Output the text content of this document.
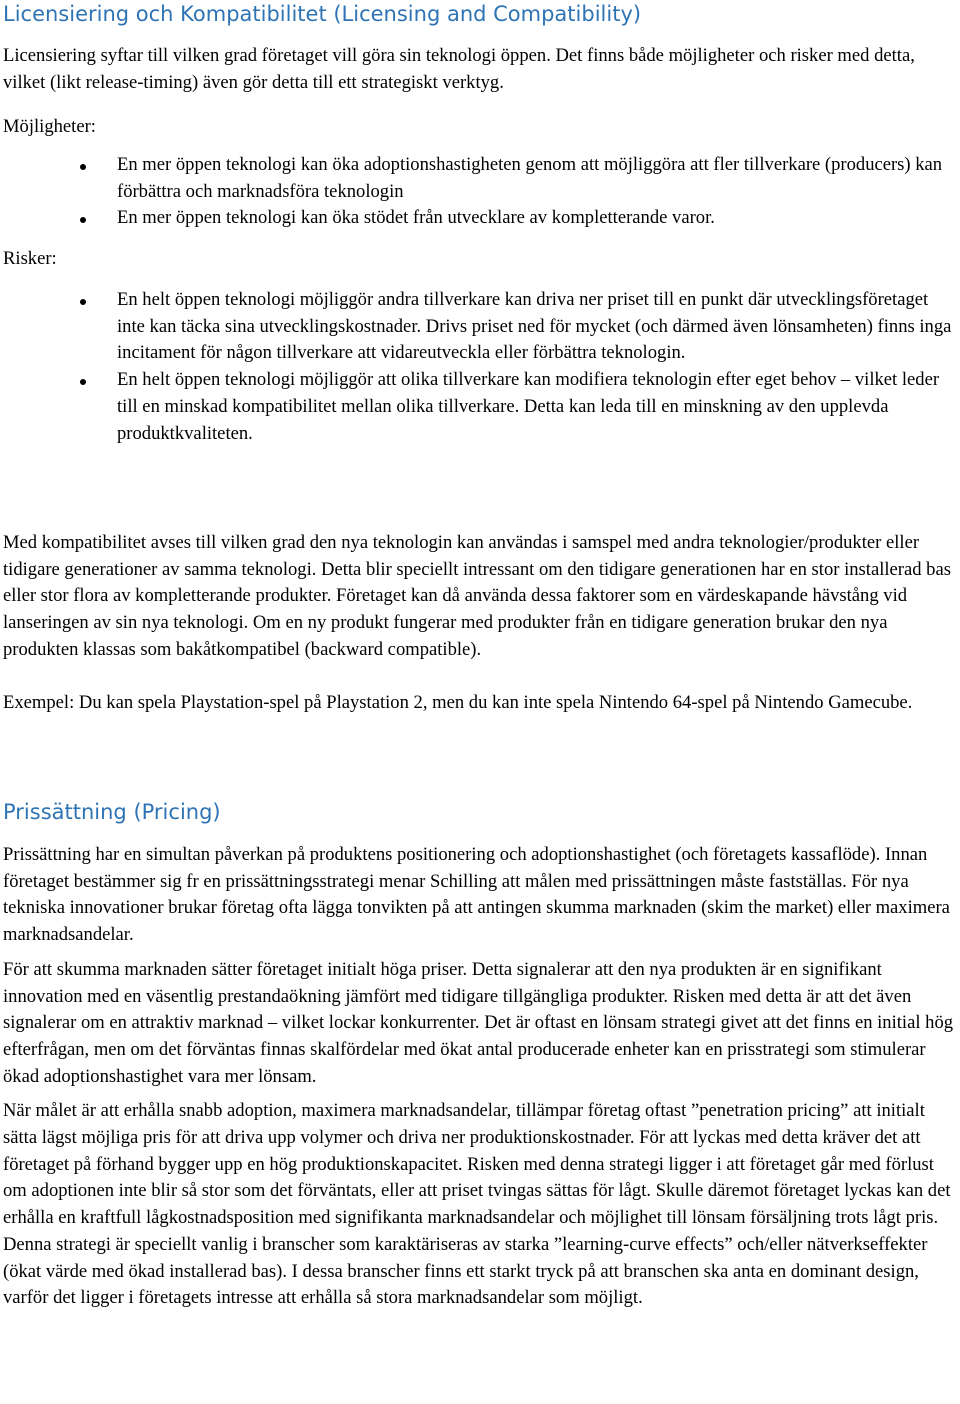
Licensiering och Kompatibilitet (Licensing and Compatibility)

Licensiering syftar till vilken grad företaget vill göra sin teknologi öppen. Det finns både möjligheter och risker med detta, vilket (likt release-timing) även gör detta till ett strategiskt verktyg.

Möjligheter:

En mer öppen teknologi kan öka adoptionshastigheten genom att möjliggöra att fler tillverkare (producers) kan förbättra och marknadsföra teknologin
En mer öppen teknologi kan öka stödet från utvecklare av kompletterande varor.

Risker:

En helt öppen teknologi möjliggör andra tillverkare kan driva ner priset till en punkt där utvecklingsföretaget inte kan täcka sina utvecklingskostnader. Drivs priset ned för mycket (och därmed även lönsamheten) finns inga incitament för någon tillverkare att vidareutveckla eller förbättra teknologin.
En helt öppen teknologi möjliggör att olika tillverkare kan modifiera teknologin efter eget behov – vilket leder till en minskad kompatibilitet mellan olika tillverkare. Detta kan leda till en minskning av den upplevda produktkvaliteten.

Med kompatibilitet avses till vilken grad den nya teknologin kan användas i samspel med andra teknologier/produkter eller tidigare generationer av samma teknologi. Detta blir speciellt intressant om den tidigare generationen har en stor installerad bas eller stor flora av kompletterande produkter. Företaget kan då använda dessa faktorer som en värdeskapande hävstång vid lanseringen av sin nya teknologi. Om en ny produkt fungerar med produkter från en tidigare generation brukar den nya produkten klassas som bakåtkompatibel (backward compatible).

Exempel: Du kan spela Playstation-spel på Playstation 2, men du kan inte spela Nintendo 64-spel på Nintendo Gamecube.

Prissättning (Pricing)

Prissättning har en simultan påverkan på produktens positionering och adoptionshastighet (och företagets kassaflöde). Innan företaget bestämmer sig fr en prissättningsstrategi menar Schilling att målen med prissättningen måste fastställas. För nya tekniska innovationer brukar företag ofta lägga tonvikten på att antingen skumma marknaden (skim the market) eller maximera marknadsandelar.

För att skumma marknaden sätter företaget initialt höga priser. Detta signalerar att den nya produkten är en signifikant innovation med en väsentlig prestandaökning jämfört med tidigare tillgängliga produkter. Risken med detta är att det även signalerar om en attraktiv marknad – vilket lockar konkurrenter. Det är oftast en lönsam strategi givet att det finns en initial hög efterfrågan, men om det förväntas finnas skalfördelar med ökat antal producerade enheter kan en prisstrategi som stimulerar ökad adoptionshastighet vara mer lönsam.

När målet är att erhålla snabb adoption, maximera marknadsandelar, tillämpar företag oftast ”penetration pricing” att initialt sätta lägst möjliga pris för att driva upp volymer och driva ner produktionskostnader. För att lyckas med detta kräver det att företaget på förhand bygger upp en hög produktionskapacitet. Risken med denna strategi ligger i att företaget går med förlust om adoptionen inte blir så stor som det förväntats, eller att priset tvingas sättas för lågt. Skulle däremot företaget lyckas kan det erhålla en kraftfull lågkostnadsposition med signifikanta marknadsandelar och möjlighet till lönsam försäljning trots lågt pris. Denna strategi är speciellt vanlig i branscher som karaktäriseras av starka ”learning-curve effects” och/eller nätverkseffekter (ökat värde med ökad installerad bas). I dessa branscher finns ett starkt tryck på att branschen ska anta en dominant design, varför det ligger i företagets intresse att erhålla så stora marknadsandelar som möjligt.
